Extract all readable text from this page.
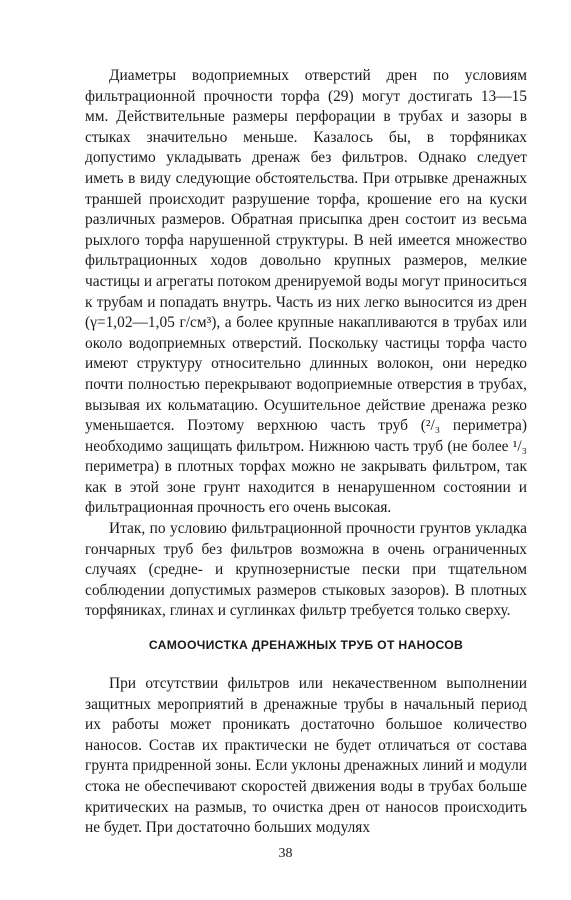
Диаметры водоприемных отверстий дрен по условиям фильтрационной прочности торфа (29) могут достигать 13—15 мм. Действительные размеры перфорации в трубах и зазоры в стыках значительно меньше. Казалось бы, в торфяниках допустимо укладывать дренаж без фильтров. Однако следует иметь в виду следующие обстоятельства. При отрывке дренажных траншей происходит разрушение торфа, крошение его на куски различных размеров. Обратная присыпка дрен состоит из весьма рыхлого торфа нарушенной структуры. В ней имеется множество фильтрационных ходов довольно крупных размеров, мелкие частицы и агрегаты потоком дренируемой воды могут приноситься к трубам и попадать внутрь. Часть из них легко выносится из дрен (γ=1,02—1,05 г/см³), а более крупные накапливаются в трубах или около водоприемных отверстий. Поскольку частицы торфа часто имеют структуру относительно длинных волокон, они нередко почти полностью перекрывают водоприемные отверстия в трубах, вызывая их кольматацию. Осушительное действие дренажа резко уменьшается. Поэтому верхнюю часть труб (²/₃ периметра) необходимо защищать фильтром. Нижнюю часть труб (не более ¹/₃ периметра) в плотных торфах можно не закрывать фильтром, так как в этой зоне грунт находится в ненарушенном состоянии и фильтрационная прочность его очень высокая.

Итак, по условию фильтрационной прочности грунтов укладка гончарных труб без фильтров возможна в очень ограниченных случаях (средне- и крупнозернистые пески при тщательном соблюдении допустимых размеров стыковых зазоров). В плотных торфяниках, глинах и суглинках фильтр требуется только сверху.

САМООЧИСТКА ДРЕНАЖНЫХ ТРУБ ОТ НАНОСОВ

При отсутствии фильтров или некачественном выполнении защитных мероприятий в дренажные трубы в начальный период их работы может проникать достаточно большое количество наносов. Состав их практически не будет отличаться от состава грунта придренной зоны. Если уклоны дренажных линий и модули стока не обеспечивают скоростей движения воды в трубах больше критических на размыв, то очистка дрен от наносов происходить не будет. При достаточно больших модулях

38
